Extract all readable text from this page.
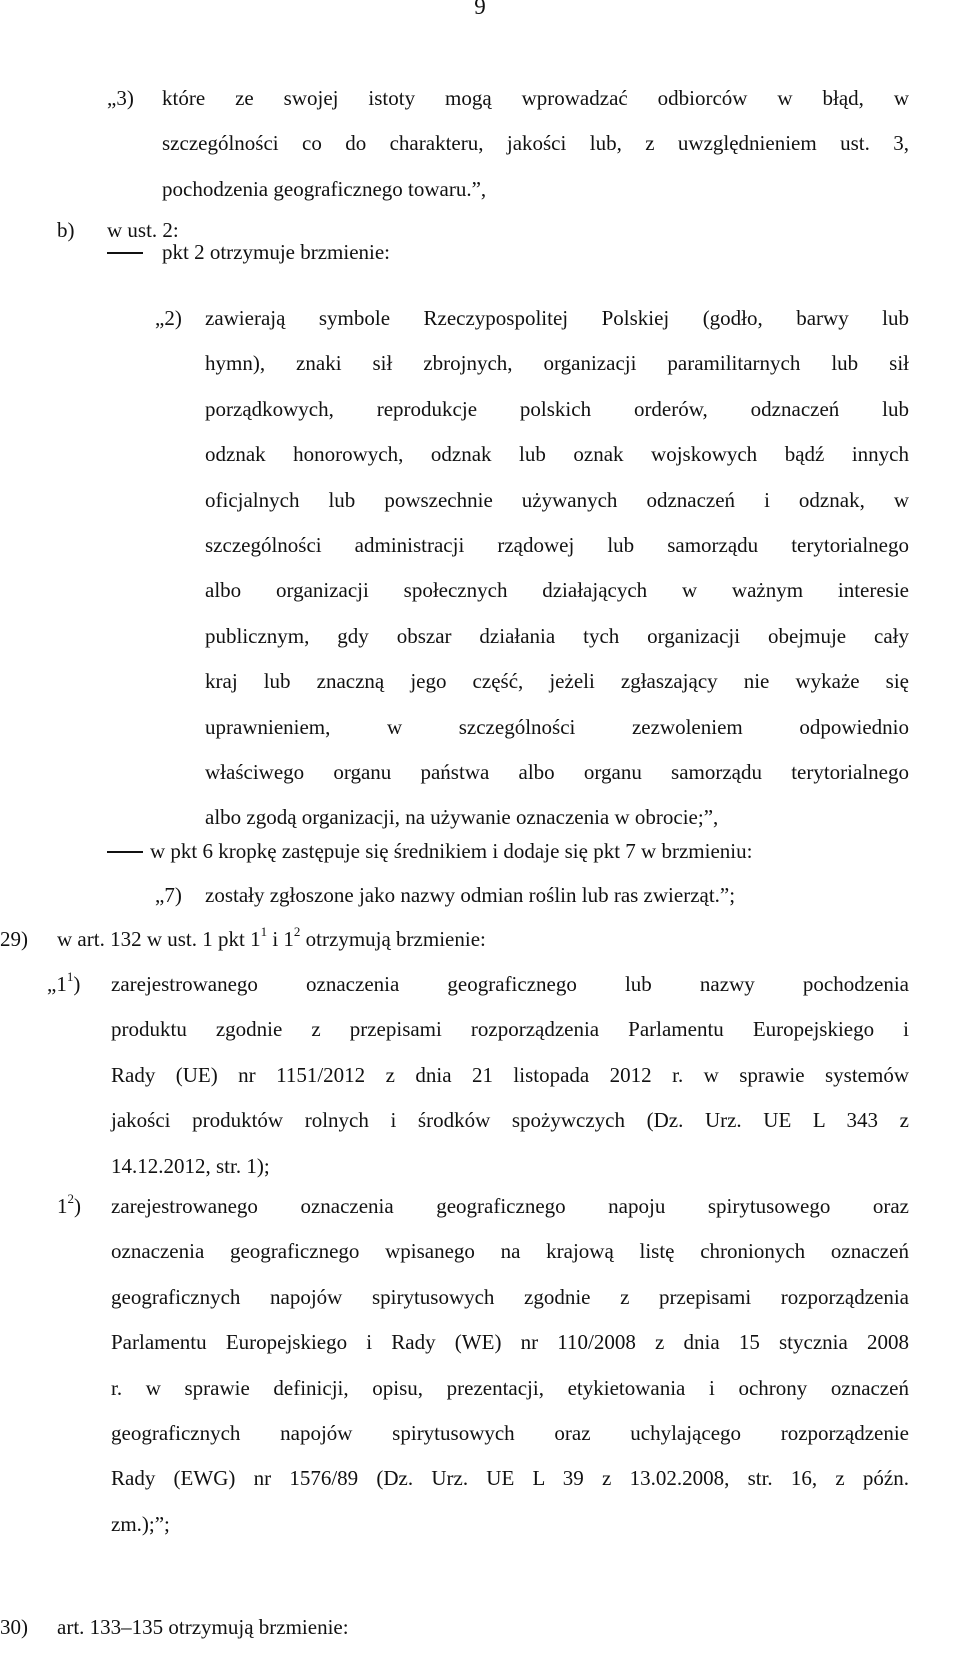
9
„3) które ze swojej istoty mogą wprowadzać odbiorców w błąd, w
szczególności co do charakteru, jakości lub, z uwzględnieniem ust. 3,
pochodzenia geograficznego towaru.”,
b) w ust. 2:
pkt 2 otrzymuje brzmienie:
„2) zawierają symbole Rzeczypospolitej Polskiej (godło, barwy lub
hymn), znaki sił zbrojnych, organizacji paramilitarnych lub sił
porządkowych, reprodukcje polskich orderów, odznaczeń lub
odznak honorowych, odznak lub oznak wojskowych bądź innych
oficjalnych lub powszechnie używanych odznaczeń i odznak, w
szczególności administracji rządowej lub samorządu terytorialnego
albo organizacji społecznych działających w ważnym interesie
publicznym, gdy obszar działania tych organizacji obejmuje cały
kraj lub znaczną jego część, jeżeli zgłaszający nie wykaże się
uprawnieniem, w szczególności zezwoleniem odpowiednio
właściwego organu państwa albo organu samorządu terytorialnego
albo zgodą organizacji, na używanie oznaczenia w obrocie;”,
w pkt 6 kropkę zastępuje się średnikiem i dodaje się pkt 7 w brzmieniu:
„7) zostały zgłoszone jako nazwy odmian roślin lub ras zwierząt.”;
29) w art. 132 w ust. 1 pkt $1^1$ i $1^2$ otrzymują brzmienie:
$„1^1$) zarejestrowanego oznaczenia geograficznego lub nazwy pochodzenia
produktu zgodnie z przepisami rozporządzenia Parlamentu Europejskiego i
Rady (UE) nr 1151/2012 z dnia 21 listopada 2012 r. w sprawie systemów
jakości produktów rolnych i środków spożywczych (Dz. Urz. UE L 343 z
14.12.2012, str. 1);
$1^2$) zarejestrowanego oznaczenia geograficznego napoju spirytusowego oraz
oznaczenia geograficznego wpisanego na krajową listę chronionych oznaczeń
geograficznych napojów spirytusowych zgodnie z przepisami rozporządzenia
Parlamentu Europejskiego i Rady (WE) nr 110/2008 z dnia 15 stycznia 2008
r. w sprawie definicji, opisu, prezentacji, etykietowania i ochrony oznaczeń
geograficznych napojów spirytusowych oraz uchylającego rozporządzenie
Rady (EWG) nr 1576/89 (Dz. Urz. UE L 39 z 13.02.2008, str. 16, z późn.
zm.);”;
30) art. 133–135 otrzymują brzmienie:
